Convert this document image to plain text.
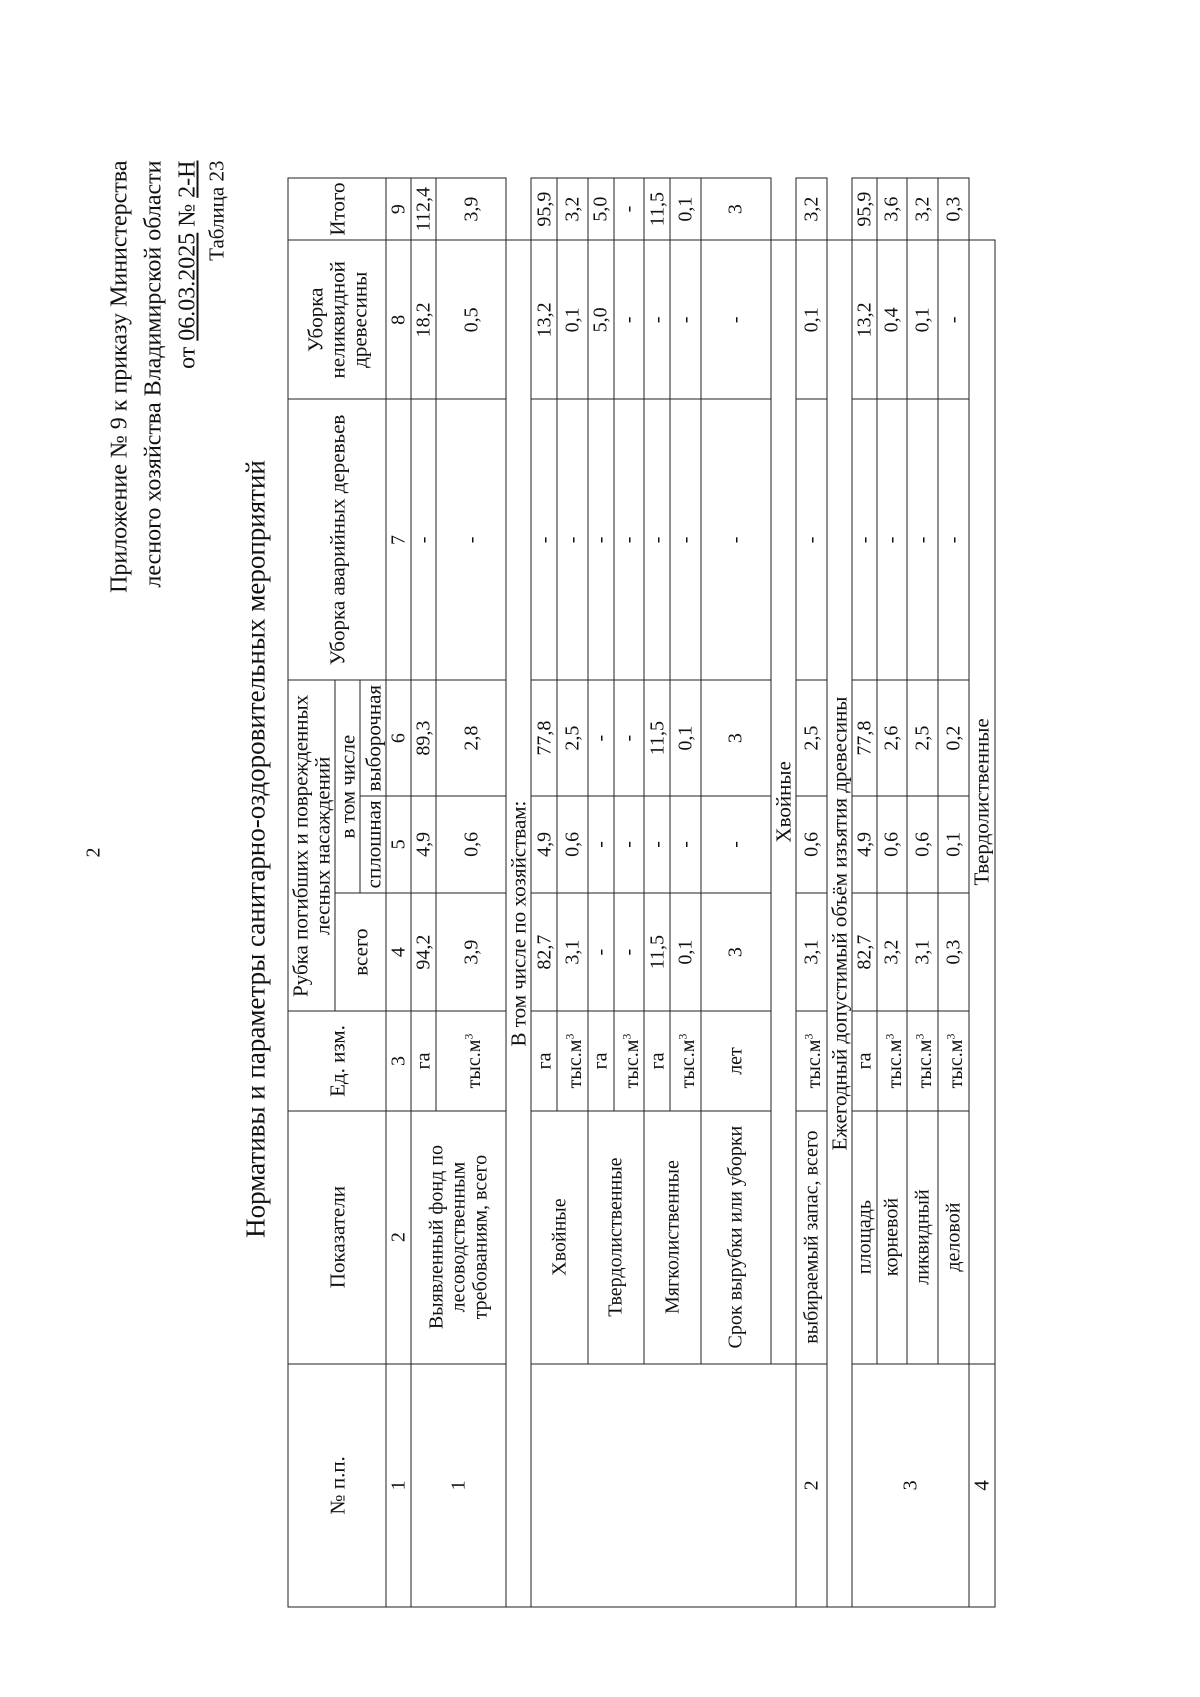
2
Приложение № 9 к приказу Министерства лесного хозяйства Владимирской области от 06.03.2025 № 2-Н Таблица 23
Нормативы и параметры санитарно-оздоровительных мероприятий
№ п.п.	Показатели	Ед. изм.	Рубка погибших и поврежденных лесных насаждений			Уборка аварийных деревьев	Уборка неликвидной древесины	Итого
			всего	в том числе				
				сплошная	выборочная			
1	2	3	4	5	6	7	8	9
1	Выявленный фонд по лесоводственным требованиям, всего	га	94,2	4,9	89,3	-	18,2	112,4
		$тыс.м^3$	3,9	0,6	2,8	-	0,5	3,9
В том числе по хозяйствам:								
	Хвойные	га	82,7	4,9	77,8	-	13,2	95,9
		$тыс.м^3$	3,1	0,6	2,5	-	0,1	3,2
	Твердолиственные	га	-	-	-	-	5,0	5,0
		$тыс.м^3$	-	-	-	-	-	-
	Мягколиственные	га	11,5	-	11,5	-	-	11,5
		$тыс.м^3$	0,1	-	0,1	-	-	0,1
	Срок вырубки или уборки	лет	3	-	3	-	-	3
	Хвойные							
2	выбираемый запас, всего	$тыс.м^3$	3,1	0,6	2,5	-	0,1	3,2
Ежегодный допустимый объём изъятия древесины								
3	площадь	га	82,7	4,9	77,8	-	13,2	95,9
	корневой	$тыс.м^3$	3,2	0,6	2,6	-	0,4	3,6
	ликвидный	$тыс.м^3$	3,1	0,6	2,5	-	0,1	3,2
	деловой	$тыс.м^3$	0,3	0,1	0,2	-	-	0,3
4	Твердолиственные							
